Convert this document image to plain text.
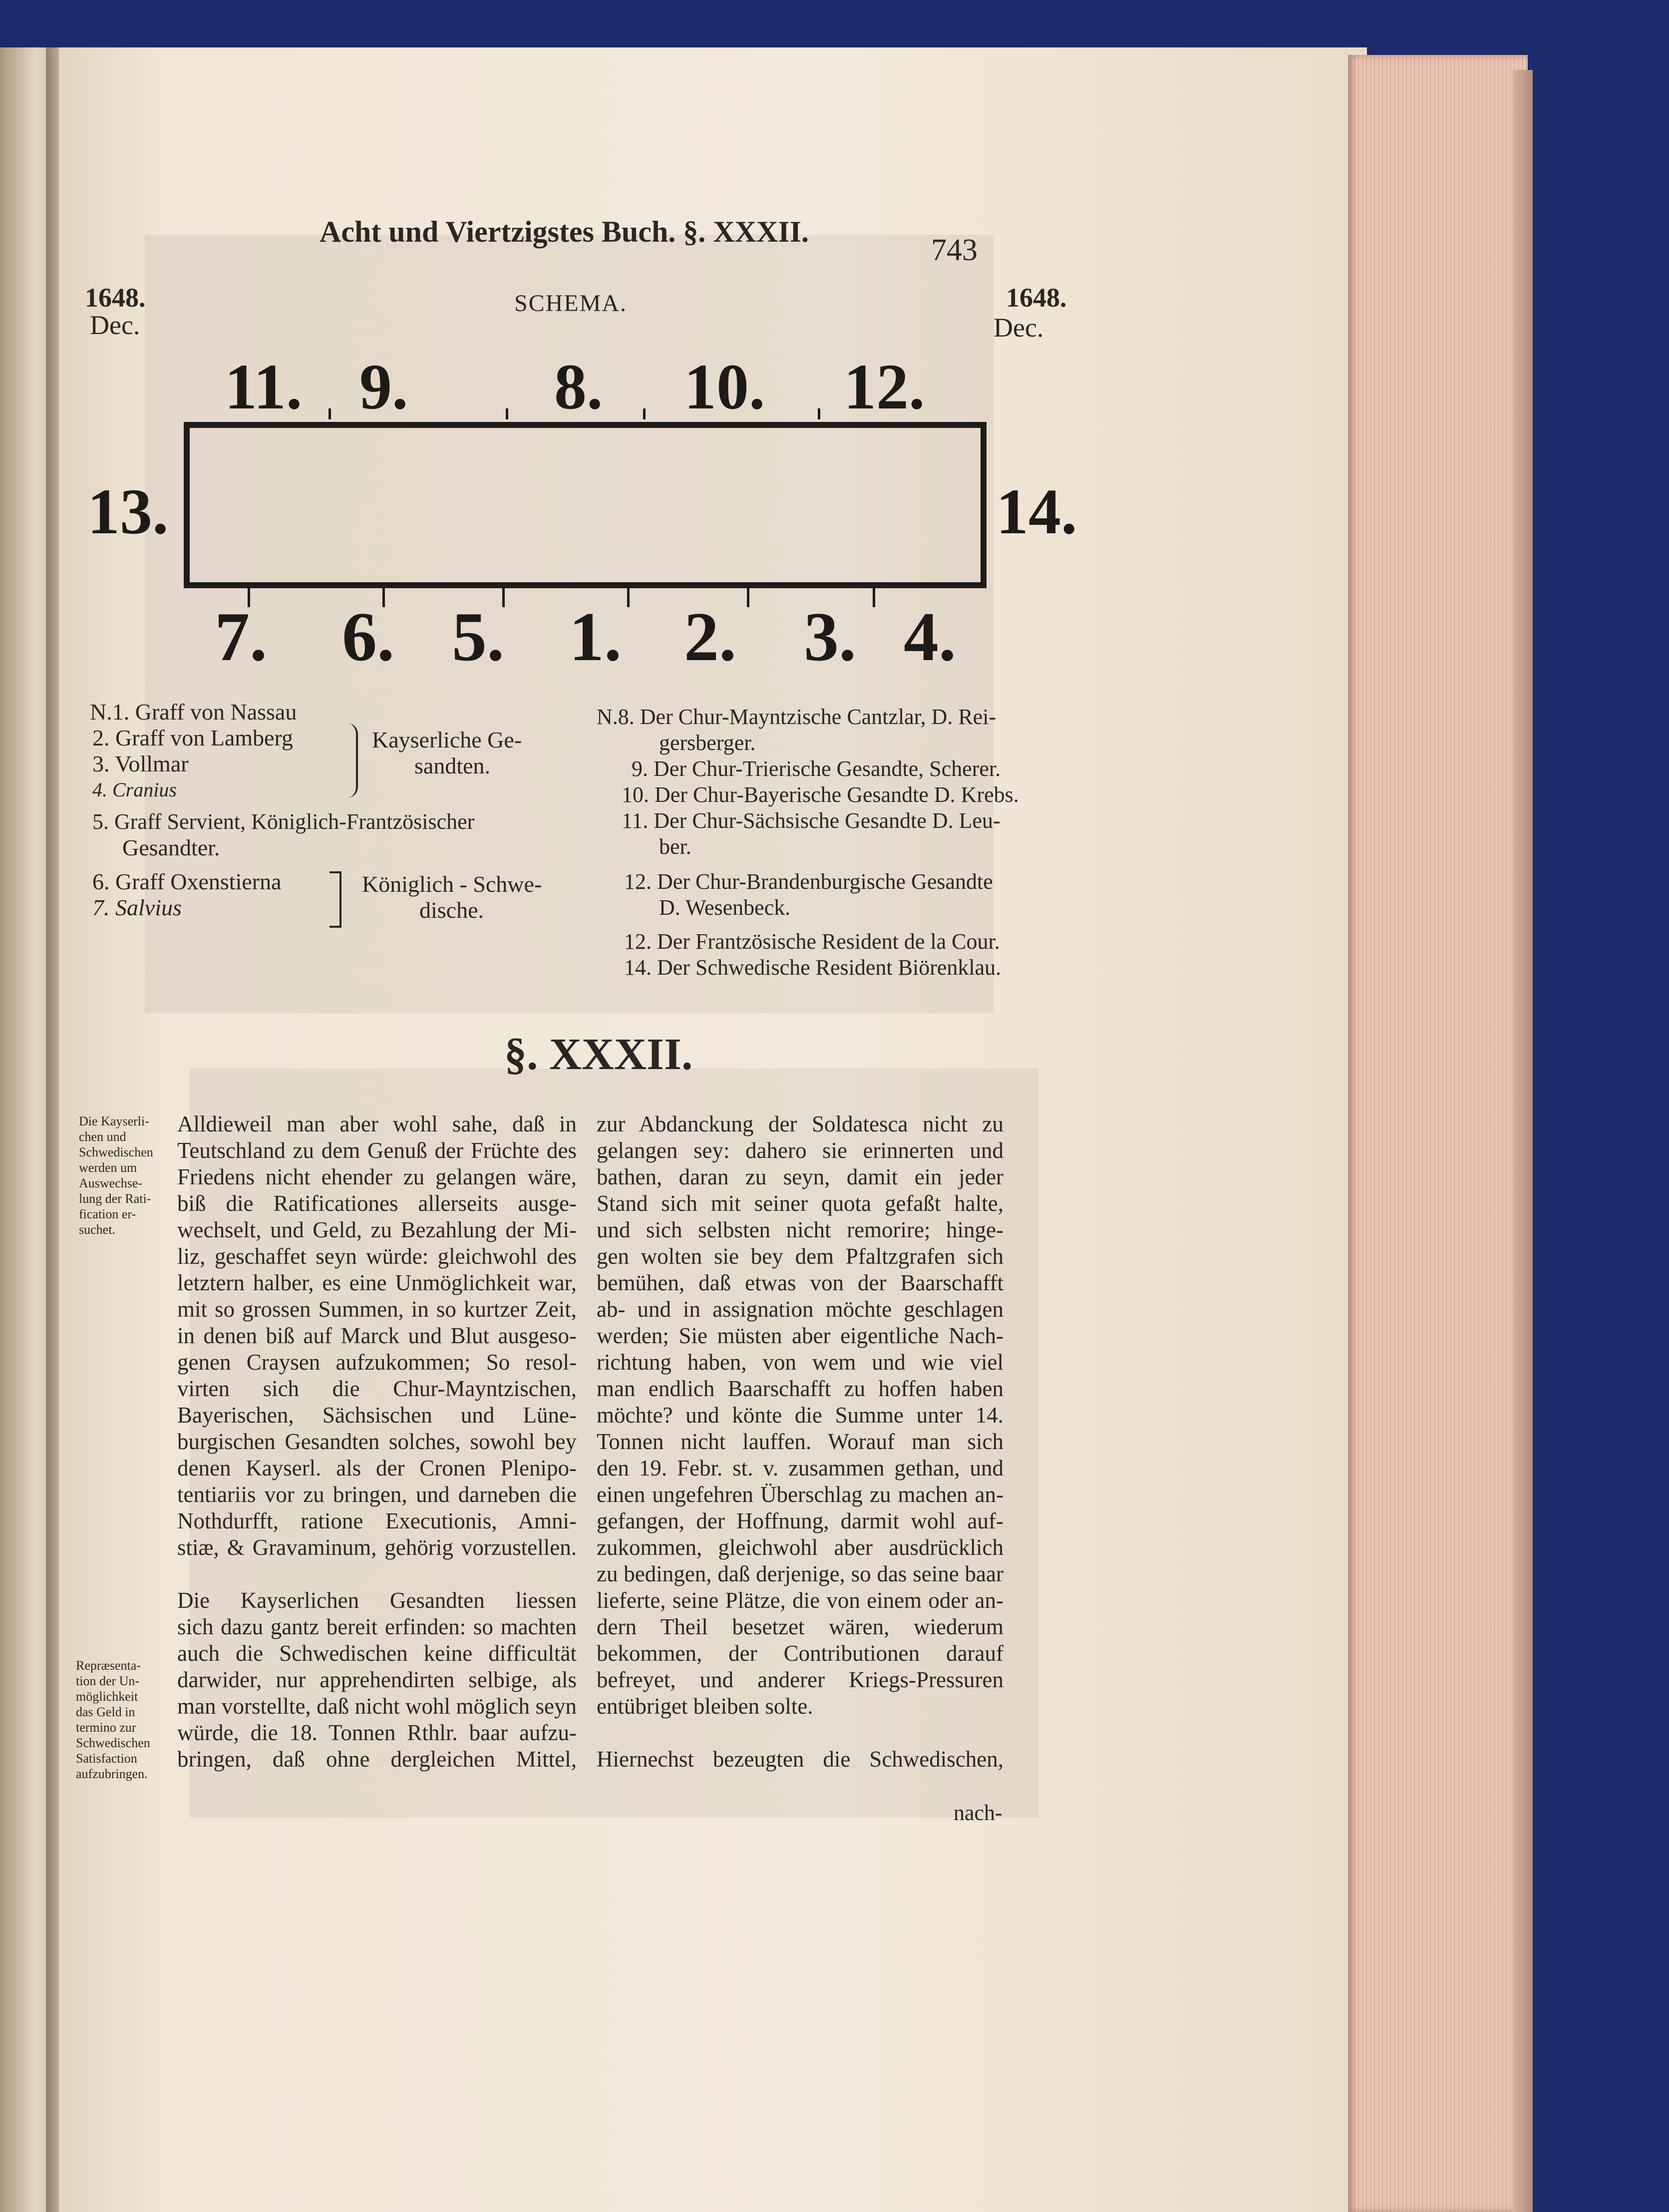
Acht und Viertzigstes Buch. §. XXXII.
743
1648.
Dec.
SCHEMA.	1648.
Dec.
11. 9. 8. 10. 12.
13.	14.
7. 6. 5. 1. 2. 3. 4.
N.1. Graff von Nassau
2. Graff von Lamberg
3. Vollmar
4. Cranius
Kayserliche Ge-
sandten.
5. Graff Servient, Königlich-Frantzösischer
Gesandter.
6. Graff Oxenstierna
7. Salvius
Königlich - Schwe-
dische.
N.8. Der Chur-Mayntzische Cantzlar, D. Rei-
gersberger.
9. Der Chur-Trierische Gesandte, Scherer.
10. Der Chur-Bayerische Gesandte D. Krebs.
11. Der Chur-Sächsische Gesandte D. Leu-
ber.
12. Der Chur-Brandenburgische Gesandte
D. Wesenbeck.
12. Der Frantzösische Resident de la Cour.
14. Der Schwedische Resident Biörenklau.
§. XXXII.
Die Kayserli-
chen und
Schwedischen
werden um
Auswechse-
lung der Rati-
fication er-
suchet.
Repræsenta-
tion der Un-
möglichkeit
das Geld in
termino zur
Schwedischen
Satisfaction
aufzubringen.
Alldieweil man aber wohl sahe, daß in
Teutschland zu dem Genuß der Früchte des
Friedens nicht ehender zu gelangen wäre,
biß die Ratificationes allerseits ausge-
wechselt, und Geld, zu Bezahlung der Mi-
liz, geschaffet seyn würde: gleichwohl des
letztern halber, es eine Unmöglichkeit war,
mit so grossen Summen, in so kurtzer Zeit,
in denen biß auf Marck und Blut ausgeso-
genen Craysen aufzukommen; So resol-
virten sich die Chur-Mayntzischen,
Bayerischen, Sächsischen und Lüne-
burgischen Gesandten solches, sowohl bey
denen Kayserl. als der Cronen Plenipo-
tentiariis vor zu bringen, und darneben die
Nothdurfft, ratione Executionis, Amni-
stiæ, & Gravaminum, gehörig vorzustellen.
Die Kayserlichen Gesandten liessen
sich dazu gantz bereit erfinden: so machten
auch die Schwedischen keine difficultät
darwider, nur apprehendirten selbige, als
man vorstellte, daß nicht wohl möglich seyn
würde, die 18. Tonnen Rthlr. baar aufzu-
bringen, daß ohne dergleichen Mittel,
zur Abdanckung der Soldatesca nicht zu
gelangen sey: dahero sie erinnerten und
bathen, daran zu seyn, damit ein jeder
Stand sich mit seiner quota gefaßt halte,
und sich selbsten nicht remorire; hinge-
gen wolten sie bey dem Pfaltzgrafen sich
bemühen, daß etwas von der Baarschafft
ab- und in assignation möchte geschlagen
werden; Sie müsten aber eigentliche Nach-
richtung haben, von wem und wie viel
man endlich Baarschafft zu hoffen haben
möchte? und könte die Summe unter 14.
Tonnen nicht lauffen. Worauf man sich
den 19. Febr. st. v. zusammen gethan, und
einen ungefehren Überschlag zu machen an-
gefangen, der Hoffnung, darmit wohl auf-
zukommen, gleichwohl aber ausdrücklich
zu bedingen, daß derjenige, so das seine baar
lieferte, seine Plätze, die von einem oder an-
dern Theil besetzet wären, wiederum
bekommen, der Contributionen darauf
befreyet, und anderer Kriegs-Pressuren
entübriget bleiben solte.
Hiernechst bezeugten die Schwedischen,
nach-
